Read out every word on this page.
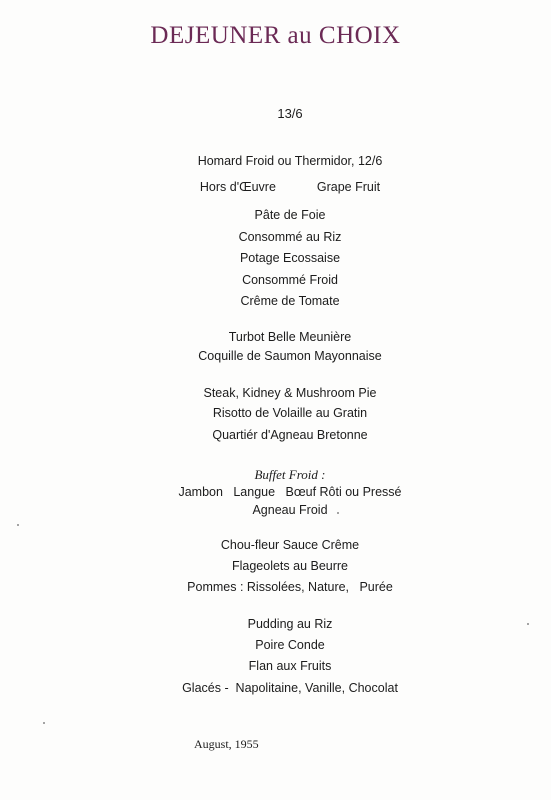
DEJEUNER au CHOIX
13/6
Homard Froid ou Thermidor, 12/6
Hors d'Œuvre	Grape Fruit
Pâte de Foie
Consommé au Riz
Potage Ecossaise
Consommé Froid
Crême de Tomate
Turbot Belle Meunière
Coquille de Saumon Mayonnaise
Steak, Kidney & Mushroom Pie
Risotto de Volaille au Gratin
Quartiér d'Agneau Bretonne
Buffet Froid :
Jambon   Langue   Bœuf Rôti ou Pressé
Agneau Froid
Chou-fleur Sauce Crême
Flageolets au Beurre
Pommes : Rissolées, Nature,   Purée
Pudding au Riz
Poire Conde
Flan aux Fruits
Glacés -  Napolitaine, Vanille, Chocolat
August, 1955
